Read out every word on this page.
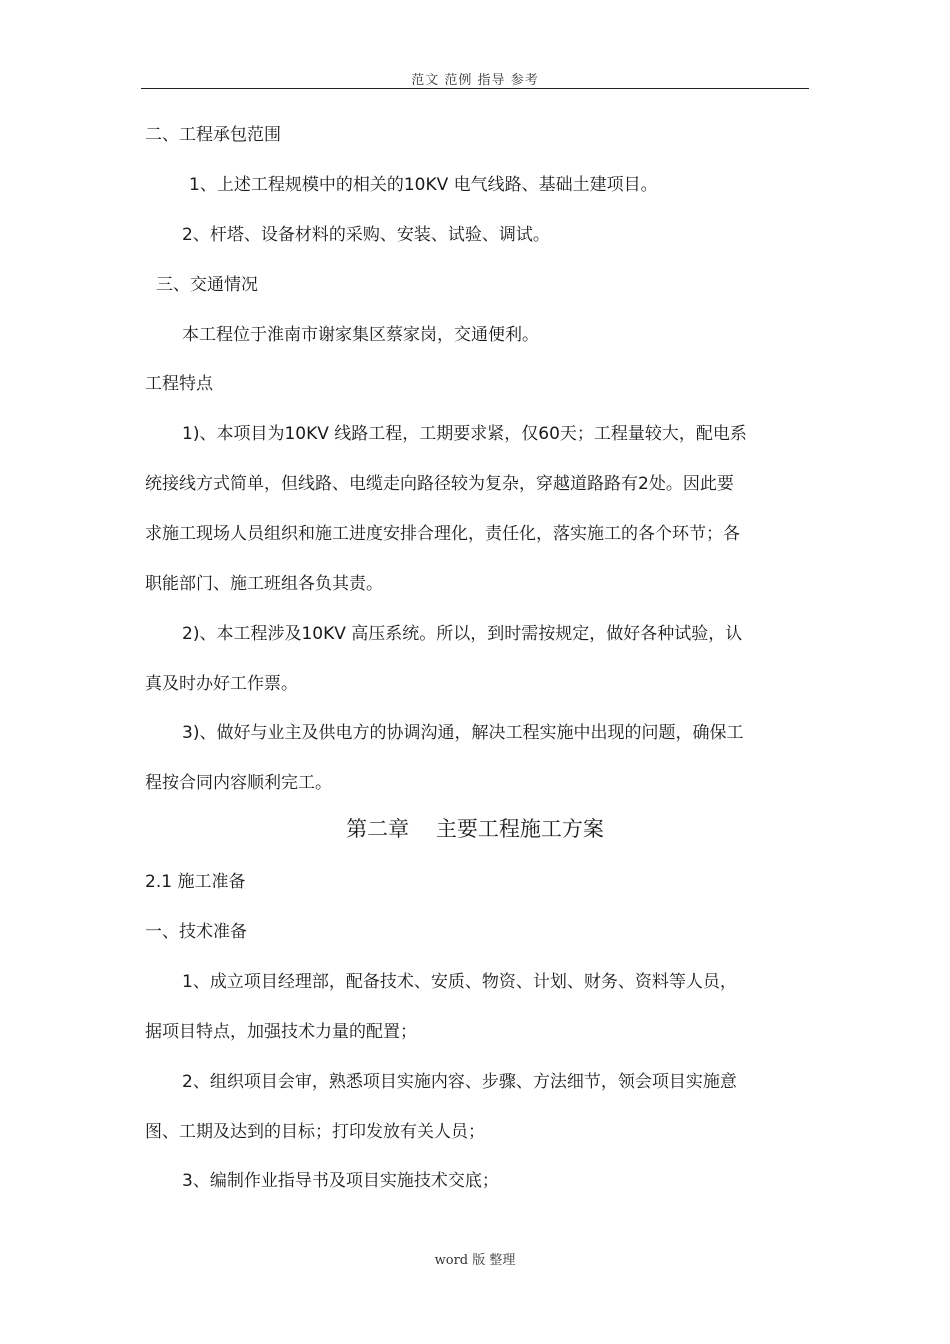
范文 范例 指导 参考
二、工程承包范围
1、上述工程规模中的相关的10KV 电气线路、基础土建项目。
2、杆塔、设备材料的采购、安装、试验、调试。
三、交通情况
本工程位于淮南市谢家集区蔡家岗，交通便利。
工程特点
1)、本项目为10KV 线路工程，工期要求紧，仅60天；工程量较大，配电系
统接线方式简单，但线路、电缆走向路径较为复杂，穿越道路路有2处。因此要
求施工现场人员组织和施工进度安排合理化，责任化，落实施工的各个环节；各
职能部门、施工班组各负其责。
2)、本工程涉及10KV 高压系统。所以，到时需按规定，做好各种试验，认
真及时办好工作票。
3)、做好与业主及供电方的协调沟通，解决工程实施中出现的问题，确保工
程按合同内容顺利完工。
第二章    主要工程施工方案
2.1 施工准备
一、技术准备
1、成立项目经理部，配备技术、安质、物资、计划、财务、资料等人员，
据项目特点，加强技术力量的配置；
2、组织项目会审，熟悉项目实施内容、步骤、方法细节，领会项目实施意
图、工期及达到的目标；打印发放有关人员；
3、编制作业指导书及项目实施技术交底；
word 版 整理
